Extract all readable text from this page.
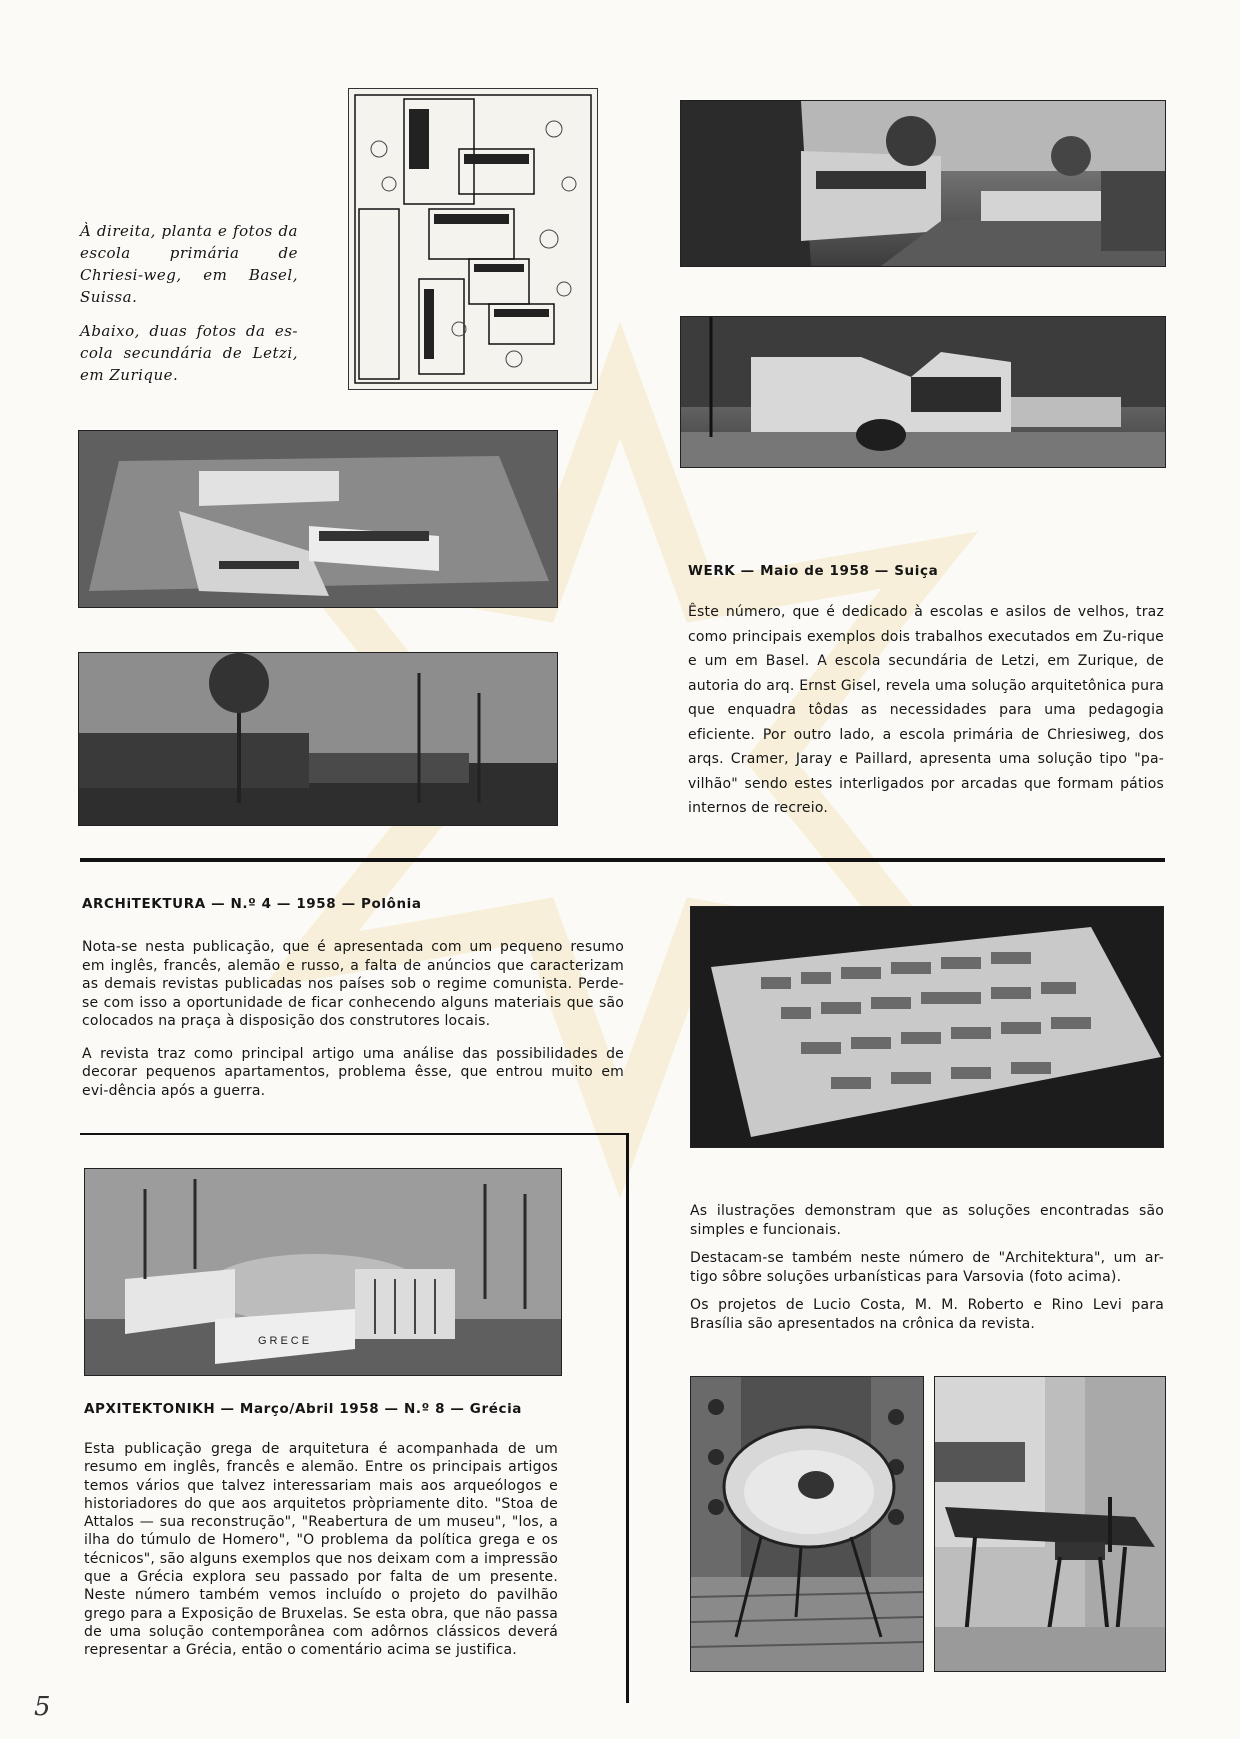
À direita, planta e fotos da escola primária de Chriesi-weg, em Basel, Suissa.
Abaixo, duas fotos da es-cola secundária de Letzi, em Zurique.
WERK — Maio de 1958 — Suiça

Êste número, que é dedicado à escolas e asilos de velhos, traz como principais exemplos dois trabalhos executados em Zu-rique e um em Basel. A escola secundária de Letzi, em Zurique, de autoria do arq. Ernst Gisel, revela uma solução arquitetônica pura que enquadra tôdas as necessidades para uma pedagogia eficiente. Por outro lado, a escola primária de Chriesiweg, dos arqs. Cramer, Jaray e Paillard, apresenta uma solução tipo "pa-vilhão" sendo estes interligados por arcadas que formam pátios internos de recreio.

ARCHiTEKTURA — N.º 4 — 1958 — Polônia

Nota-se nesta publicação, que é apresentada com um pequeno resumo em inglês, francês, alemão e russo, a falta de anúncios que caracterizam as demais revistas publicadas nos países sob o regime comunista. Perde-se com isso a oportunidade de ficar conhecendo alguns materiais que são colocados na praça à disposição dos construtores locais.

A revista traz como principal artigo uma análise das possibilidades de decorar pequenos apartamentos, problema êsse, que entrou muito em evi-dência após a guerra.

GRECE
APXITEKTONIKH — Março/Abril 1958 — N.º 8 — Grécia

Esta publicação grega de arquitetura é acompanhada de um resumo em inglês, francês e alemão. Entre os principais artigos temos vários que talvez interessariam mais aos arqueólogos e historiadores do que aos arquitetos pròpriamente dito. "Stoa de Attalos — sua reconstrução", "Reabertura de um museu", "los, a ilha do túmulo de Homero", "O problema da política grega e os técnicos", são alguns exemplos que nos deixam com a impressão que a Grécia explora seu passado por falta de um presente. Neste número também vemos incluído o projeto do pavilhão grego para a Exposição de Bruxelas. Se esta obra, que não passa de uma solução contemporânea com adôrnos clássicos deverá representar a Grécia, então o comentário acima se justifica.

As ilustrações demonstram que as soluções encontradas são simples e funcionais.

Destacam-se também neste número de "Architektura", um ar-tigo sôbre soluções urbanísticas para Varsovia (foto acima).

Os projetos de Lucio Costa, M. M. Roberto e Rino Levi para Brasília são apresentados na crônica da revista.

5
